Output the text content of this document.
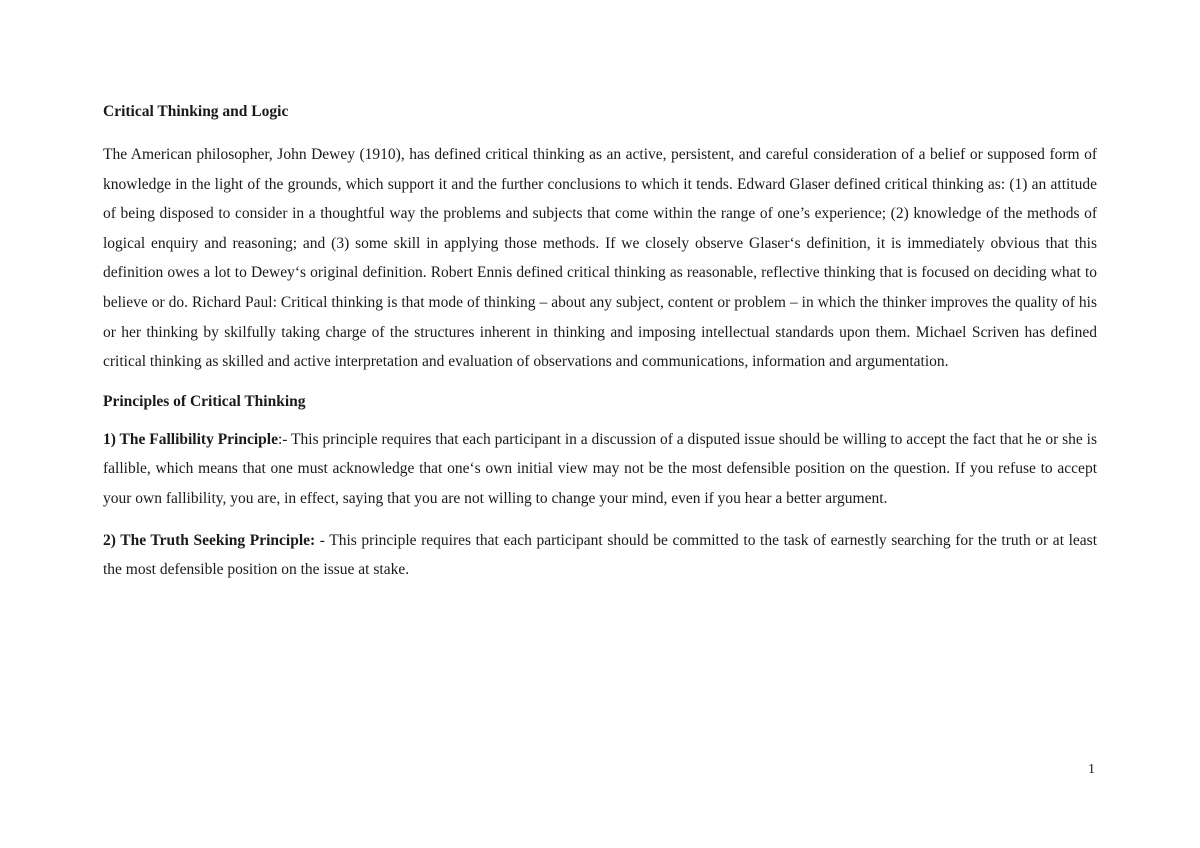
Critical Thinking and Logic

The American philosopher, John Dewey (1910), has defined critical thinking as an active, persistent, and careful consideration of a belief or supposed form of knowledge in the light of the grounds, which support it and the further conclusions to which it tends. Edward Glaser defined critical thinking as: (1) an attitude of being disposed to consider in a thoughtful way the problems and subjects that come within the range of one’s experience; (2) knowledge of the methods of logical enquiry and reasoning; and (3) some skill in applying those methods. If we closely observe Glaser‘s definition, it is immediately obvious that this definition owes a lot to Dewey‘s original definition. Robert Ennis defined critical thinking as reasonable, reflective thinking that is focused on deciding what to believe or do. Richard Paul: Critical thinking is that mode of thinking – about any subject, content or problem – in which the thinker improves the quality of his or her thinking by skilfully taking charge of the structures inherent in thinking and imposing intellectual standards upon them. Michael Scriven has defined critical thinking as skilled and active interpretation and evaluation of observations and communications, information and argumentation.

Principles of Critical Thinking

1) The Fallibility Principle:- This principle requires that each participant in a discussion of a disputed issue should be willing to accept the fact that he or she is fallible, which means that one must acknowledge that one‘s own initial view may not be the most defensible position on the question. If you refuse to accept your own fallibility, you are, in effect, saying that you are not willing to change your mind, even if you hear a better argument.

2) The Truth Seeking Principle: - This principle requires that each participant should be committed to the task of earnestly searching for the truth or at least the most defensible position on the issue at stake.

1
